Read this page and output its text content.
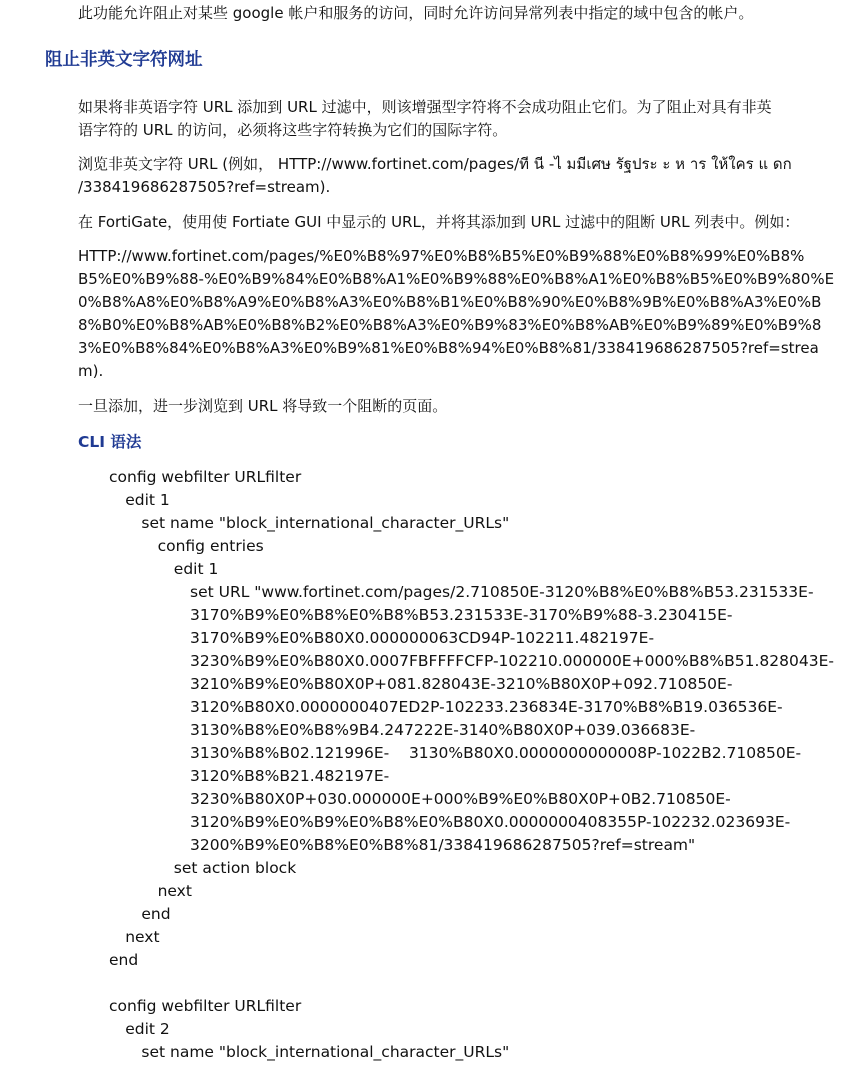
此功能允许阻止对某些 google 帐户和服务的访问，同时允许访问异常列表中指定的域中包含的帐户。

阻止非英文字符网址

如果将非英语字符 URL 添加到 URL 过滤中，则该增强型字符将不会成功阻止它们。为了阻止对具有非英
语字符的 URL 的访问，必须将这些字符转换为它们的国际字符。

浏览非英文字符 URL (例如， HTTP://www.fortinet.com/pages/ที นี -ไ มมีเศษ รัฐประ ะ ห าร ให้ใคร แ ดก
/338419686287505?ref=stream).

在 FortiGate，使用使 Fortiate GUI 中显示的 URL，并将其添加到 URL 过滤中的阻断 URL 列表中。例如：

HTTP://www.fortinet.com/pages/%E0%B8%97%E0%B8%B5%E0%B9%88%E0%B8%99%E0%B8%
B5%E0%B9%88-%E0%B9%84%E0%B8%A1%E0%B9%88%E0%B8%A1%E0%B8%B5%E0%B9%80%E
0%B8%A8%E0%B8%A9%E0%B8%A3%E0%B8%B1%E0%B8%90%E0%B8%9B%E0%B8%A3%E0%B
8%B0%E0%B8%AB%E0%B8%B2%E0%B8%A3%E0%B9%83%E0%B8%AB%E0%B9%89%E0%B9%8
3%E0%B8%84%E0%B8%A3%E0%B9%81%E0%B8%94%E0%B8%81/338419686287505?ref=strea
m).

一旦添加，进一步浏览到 URL 将导致一个阻断的页面。

CLI 语法
config webfilter URLfilter
edit 1
set name "block_international_character_URLs"
config entries
edit 1
set URL "www.fortinet.com/pages/2.710850E-3120%B8%E0%B8%B53.231533E-
3170%B9%E0%B8%E0%B8%B53.231533E-3170%B9%88-3.230415E-
3170%B9%E0%B80X0.000000063CD94P-102211.482197E-
3230%B9%E0%B80X0.0007FBFFFFCFP-102210.000000E+000%B8%B51.828043E-
3210%B9%E0%B80X0P+081.828043E-3210%B80X0P+092.710850E-
3120%B80X0.0000000407ED2P-102233.236834E-3170%B8%B19.036536E-
3130%B8%E0%B8%9B4.247222E-3140%B80X0P+039.036683E-
3130%B8%B02.121996E-    3130%B80X0.0000000000008P-1022B2.710850E-
3120%B8%B21.482197E-
3230%B80X0P+030.000000E+000%B9%E0%B80X0P+0B2.710850E-
3120%B9%E0%B9%E0%B8%E0%B80X0.0000000408355P-102232.023693E-
3200%B9%E0%B8%E0%B8%81/338419686287505?ref=stream"
set action block
next
end
next
end
config webfilter URLfilter
edit 2
set name "block_international_character_URLs"
